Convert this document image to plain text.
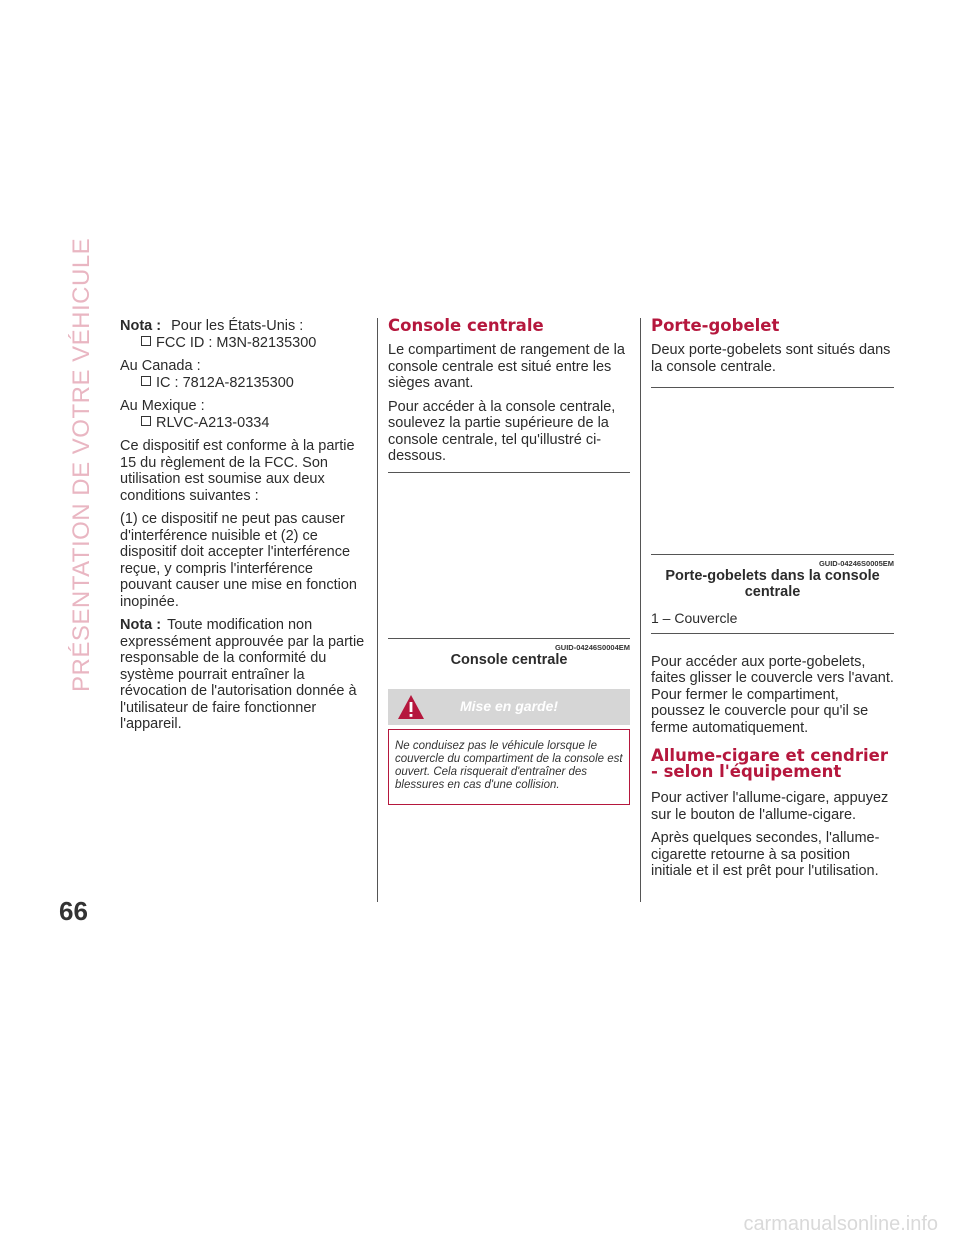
PRÉSENTATION DE VOTRE VÉHICULE
66

Nota : Pour les États-Unis :

FCC ID : M3N-82135300

Au Canada :

IC : 7812A-82135300

Au Mexique :

RLVC-A213-0334

Ce dispositif est conforme à la partie 15 du règlement de la FCC. Son utilisation est soumise aux deux conditions suivantes :

(1) ce dispositif ne peut pas causer d'interférence nuisible et (2) ce dispositif doit accepter l'interférence reçue, y compris l'interférence pouvant causer une mise en fonction inopinée.

Nota : Toute modification non expressément approuvée par la partie responsable de la conformité du système pourrait entraîner la révocation de l'autorisation donnée à l'utilisateur de faire fonctionner l'appareil.

Console centrale

Le compartiment de rangement de la console centrale est situé entre les sièges avant.

Pour accéder à la console centrale, soulevez la partie supérieure de la console centrale, tel qu'illustré ci-dessous.

GUID-04246S0004EM
Console centrale
Mise en garde!
Ne conduisez pas le véhicule lorsque le couvercle du compartiment de la console est ouvert. Cela risquerait d'entraîner des blessures en cas d'une collision.
Porte-gobelet

Deux porte-gobelets sont situés dans la console centrale.

GUID-04246S0005EM
Porte-gobelets dans la console centrale
1 – Couvercle

Pour accéder aux porte-gobelets, faites glisser le couvercle vers l'avant. Pour fermer le compartiment, poussez le couvercle pour qu'il se ferme automatiquement.

Allume-cigare et cendrier - selon l'équipement

Pour activer l'allume-cigare, appuyez sur le bouton de l'allume-cigare.

Après quelques secondes, l'allume-cigarette retourne à sa position initiale et il est prêt pour l'utilisation.

carmanualsonline.info
